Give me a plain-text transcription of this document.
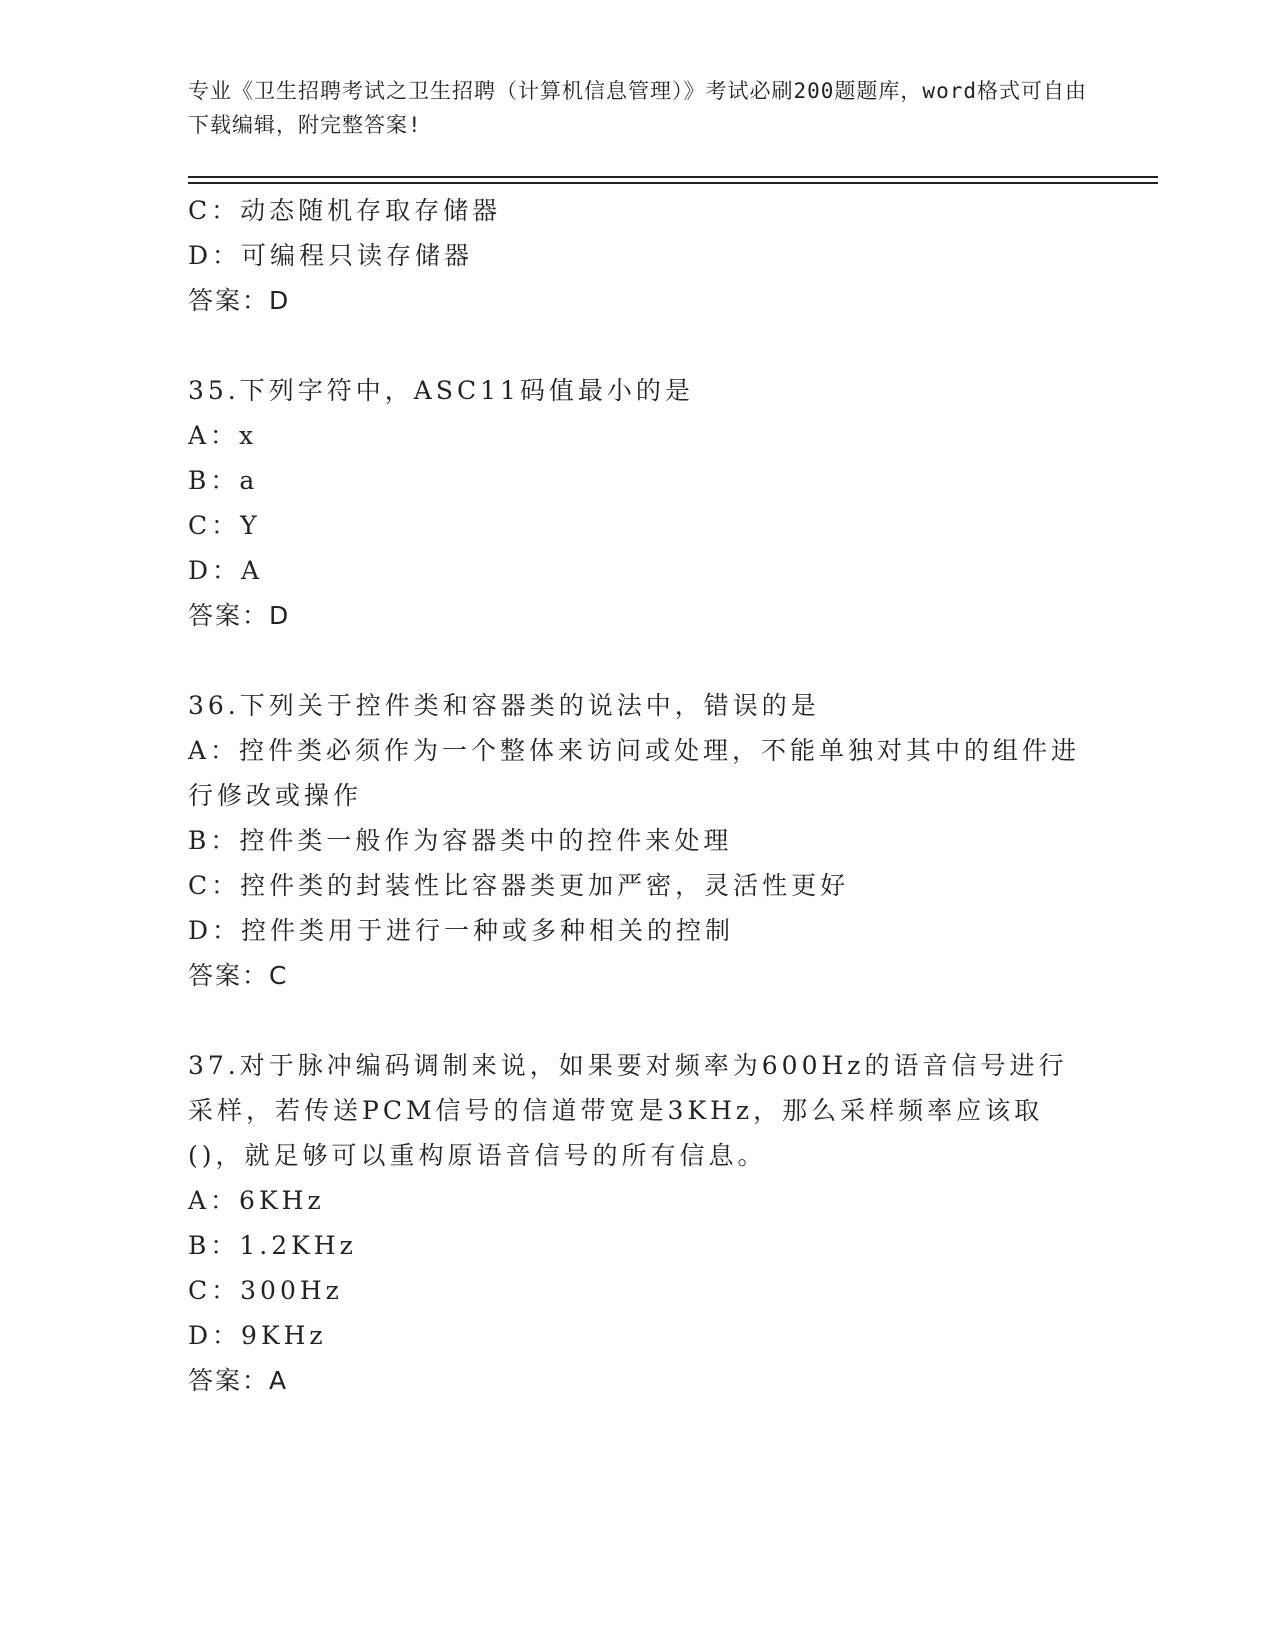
专业《卫生招聘考试之卫生招聘（计算机信息管理）》考试必刷200题题库，word格式可自由下载编辑，附完整答案!
C：动态随机存取存储器
D：可编程只读存储器
答案：D
35.下列字符中，ASC11码值最小的是
A：x
B：a
C：Y
D：A
答案：D
36.下列关于控件类和容器类的说法中，错误的是
A：控件类必须作为一个整体来访问或处理，不能单独对其中的组件进行修改或操作
B：控件类一般作为容器类中的控件来处理
C：控件类的封装性比容器类更加严密，灵活性更好
D：控件类用于进行一种或多种相关的控制
答案：C
37.对于脉冲编码调制来说，如果要对频率为600Hz的语音信号进行采样，若传送PCM信号的信道带宽是3KHz，那么采样频率应该取()，就足够可以重构原语音信号的所有信息。
A：6KHz
B：1.2KHz
C：300Hz
D：9KHz
答案：A
